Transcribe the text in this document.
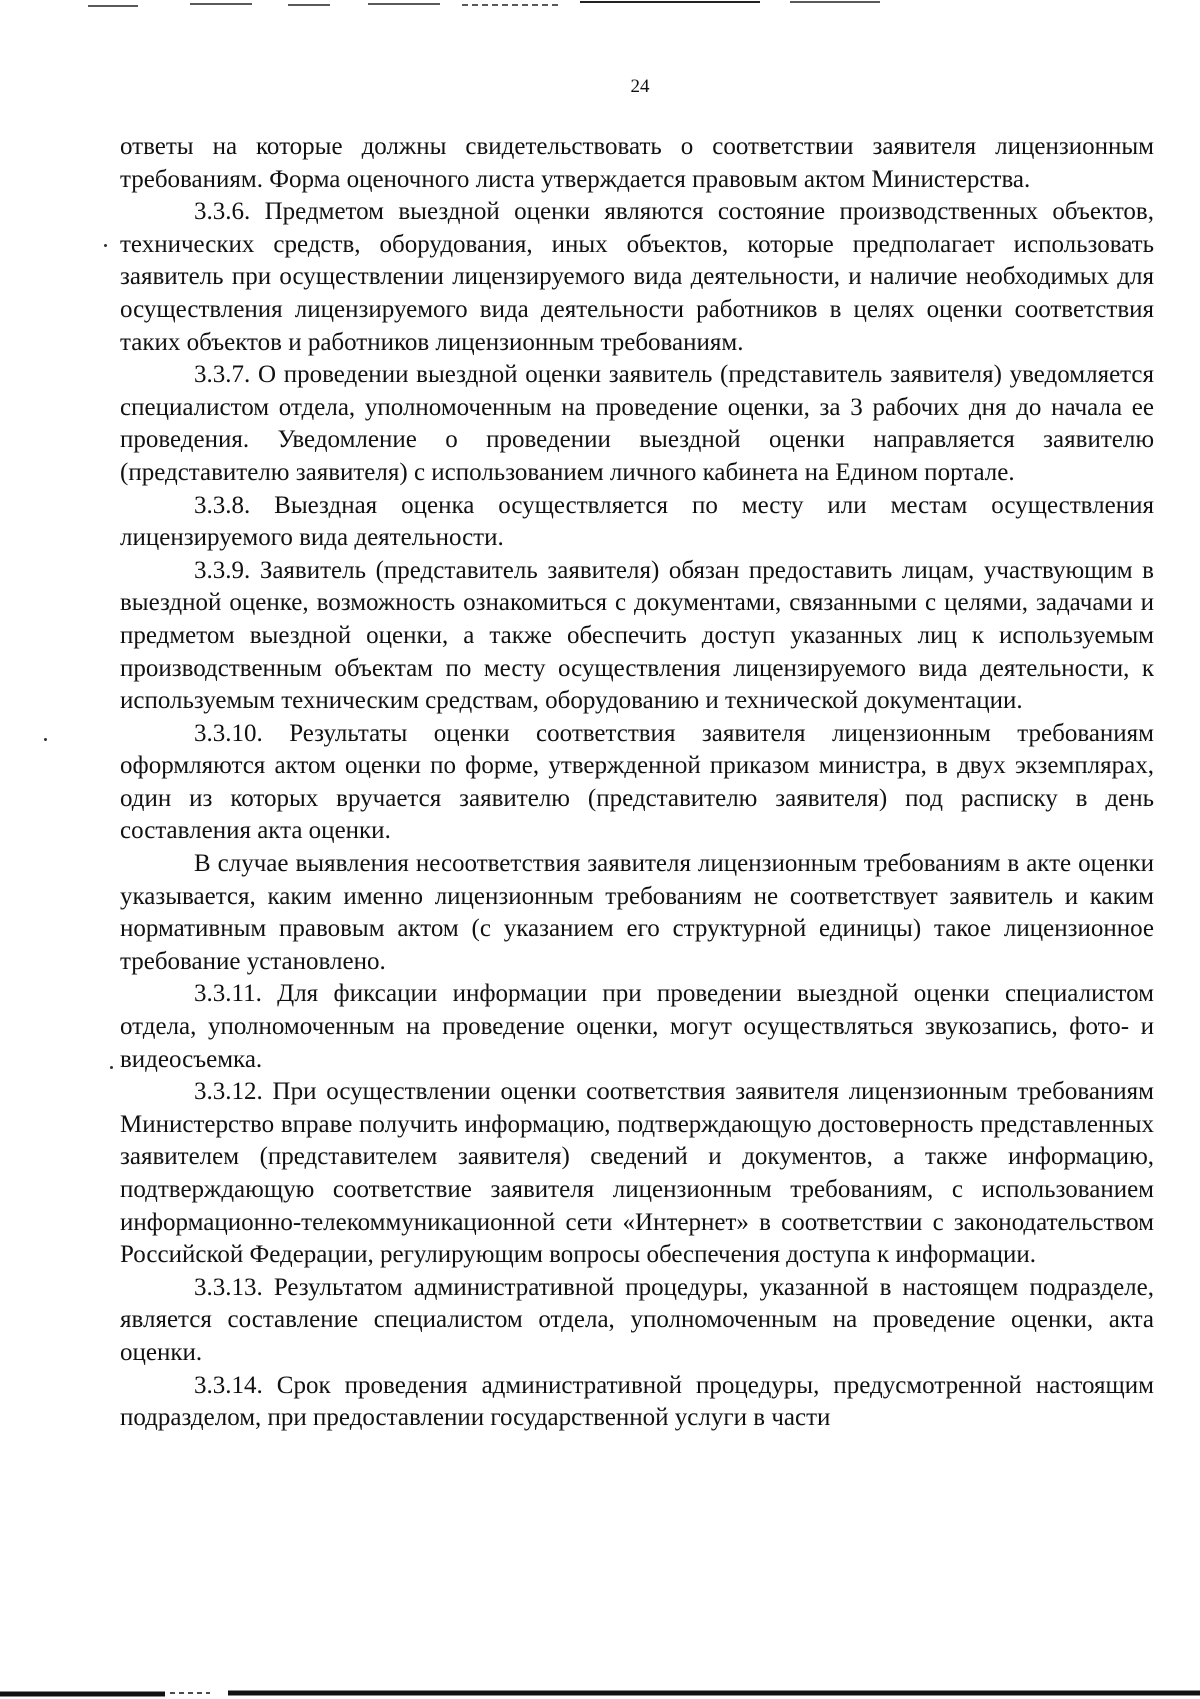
24

ответы на которые должны свидетельствовать о соответствии заявителя лицензионным требованиям. Форма оценочного листа утверждается правовым актом Министерства.

3.3.6. Предметом выездной оценки являются состояние производственных объектов, технических средств, оборудования, иных объектов, которые предполагает использовать заявитель при осуществлении лицензируемого вида деятельности, и наличие необходимых для осуществления лицензируемого вида деятельности работников в целях оценки соответствия таких объектов и работников лицензионным требованиям.

3.3.7. О проведении выездной оценки заявитель (представитель заявителя) уведомляется специалистом отдела, уполномоченным на проведение оценки, за 3 рабочих дня до начала ее проведения. Уведомление о проведении выездной оценки направляется заявителю (представителю заявителя) с использованием личного кабинета на Едином портале.

3.3.8. Выездная оценка осуществляется по месту или местам осуществления лицензируемого вида деятельности.

3.3.9. Заявитель (представитель заявителя) обязан предоставить лицам, участвующим в выездной оценке, возможность ознакомиться с документами, связанными с целями, задачами и предметом выездной оценки, а также обеспечить доступ указанных лиц к используемым производственным объектам по месту осуществления лицензируемого вида деятельности, к используемым техническим средствам, оборудованию и технической документации.

3.3.10. Результаты оценки соответствия заявителя лицензионным требованиям оформляются актом оценки по форме, утвержденной приказом министра, в двух экземплярах, один из которых вручается заявителю (представителю заявителя) под расписку в день составления акта оценки.

В случае выявления несоответствия заявителя лицензионным требованиям в акте оценки указывается, каким именно лицензионным требованиям не соответствует заявитель и каким нормативным правовым актом (с указанием его структурной единицы) такое лицензионное требование установлено.

3.3.11. Для фиксации информации при проведении выездной оценки специалистом отдела, уполномоченным на проведение оценки, могут осуществляться звукозапись, фото- и видеосъемка.

3.3.12. При осуществлении оценки соответствия заявителя лицензионным требованиям Министерство вправе получить информацию, подтверждающую достоверность представленных заявителем (представителем заявителя) сведений и документов, а также информацию, подтверждающую соответствие заявителя лицензионным требованиям, с использованием информационно-телекоммуникационной сети «Интернет» в соответствии с законодательством Российской Федерации, регулирующим вопросы обеспечения доступа к информации.

3.3.13. Результатом административной процедуры, указанной в настоящем подразделе, является составление специалистом отдела, уполномоченным на проведение оценки, акта оценки.

3.3.14. Срок проведения административной процедуры, предусмотренной настоящим подразделом, при предоставлении государственной услуги в части
